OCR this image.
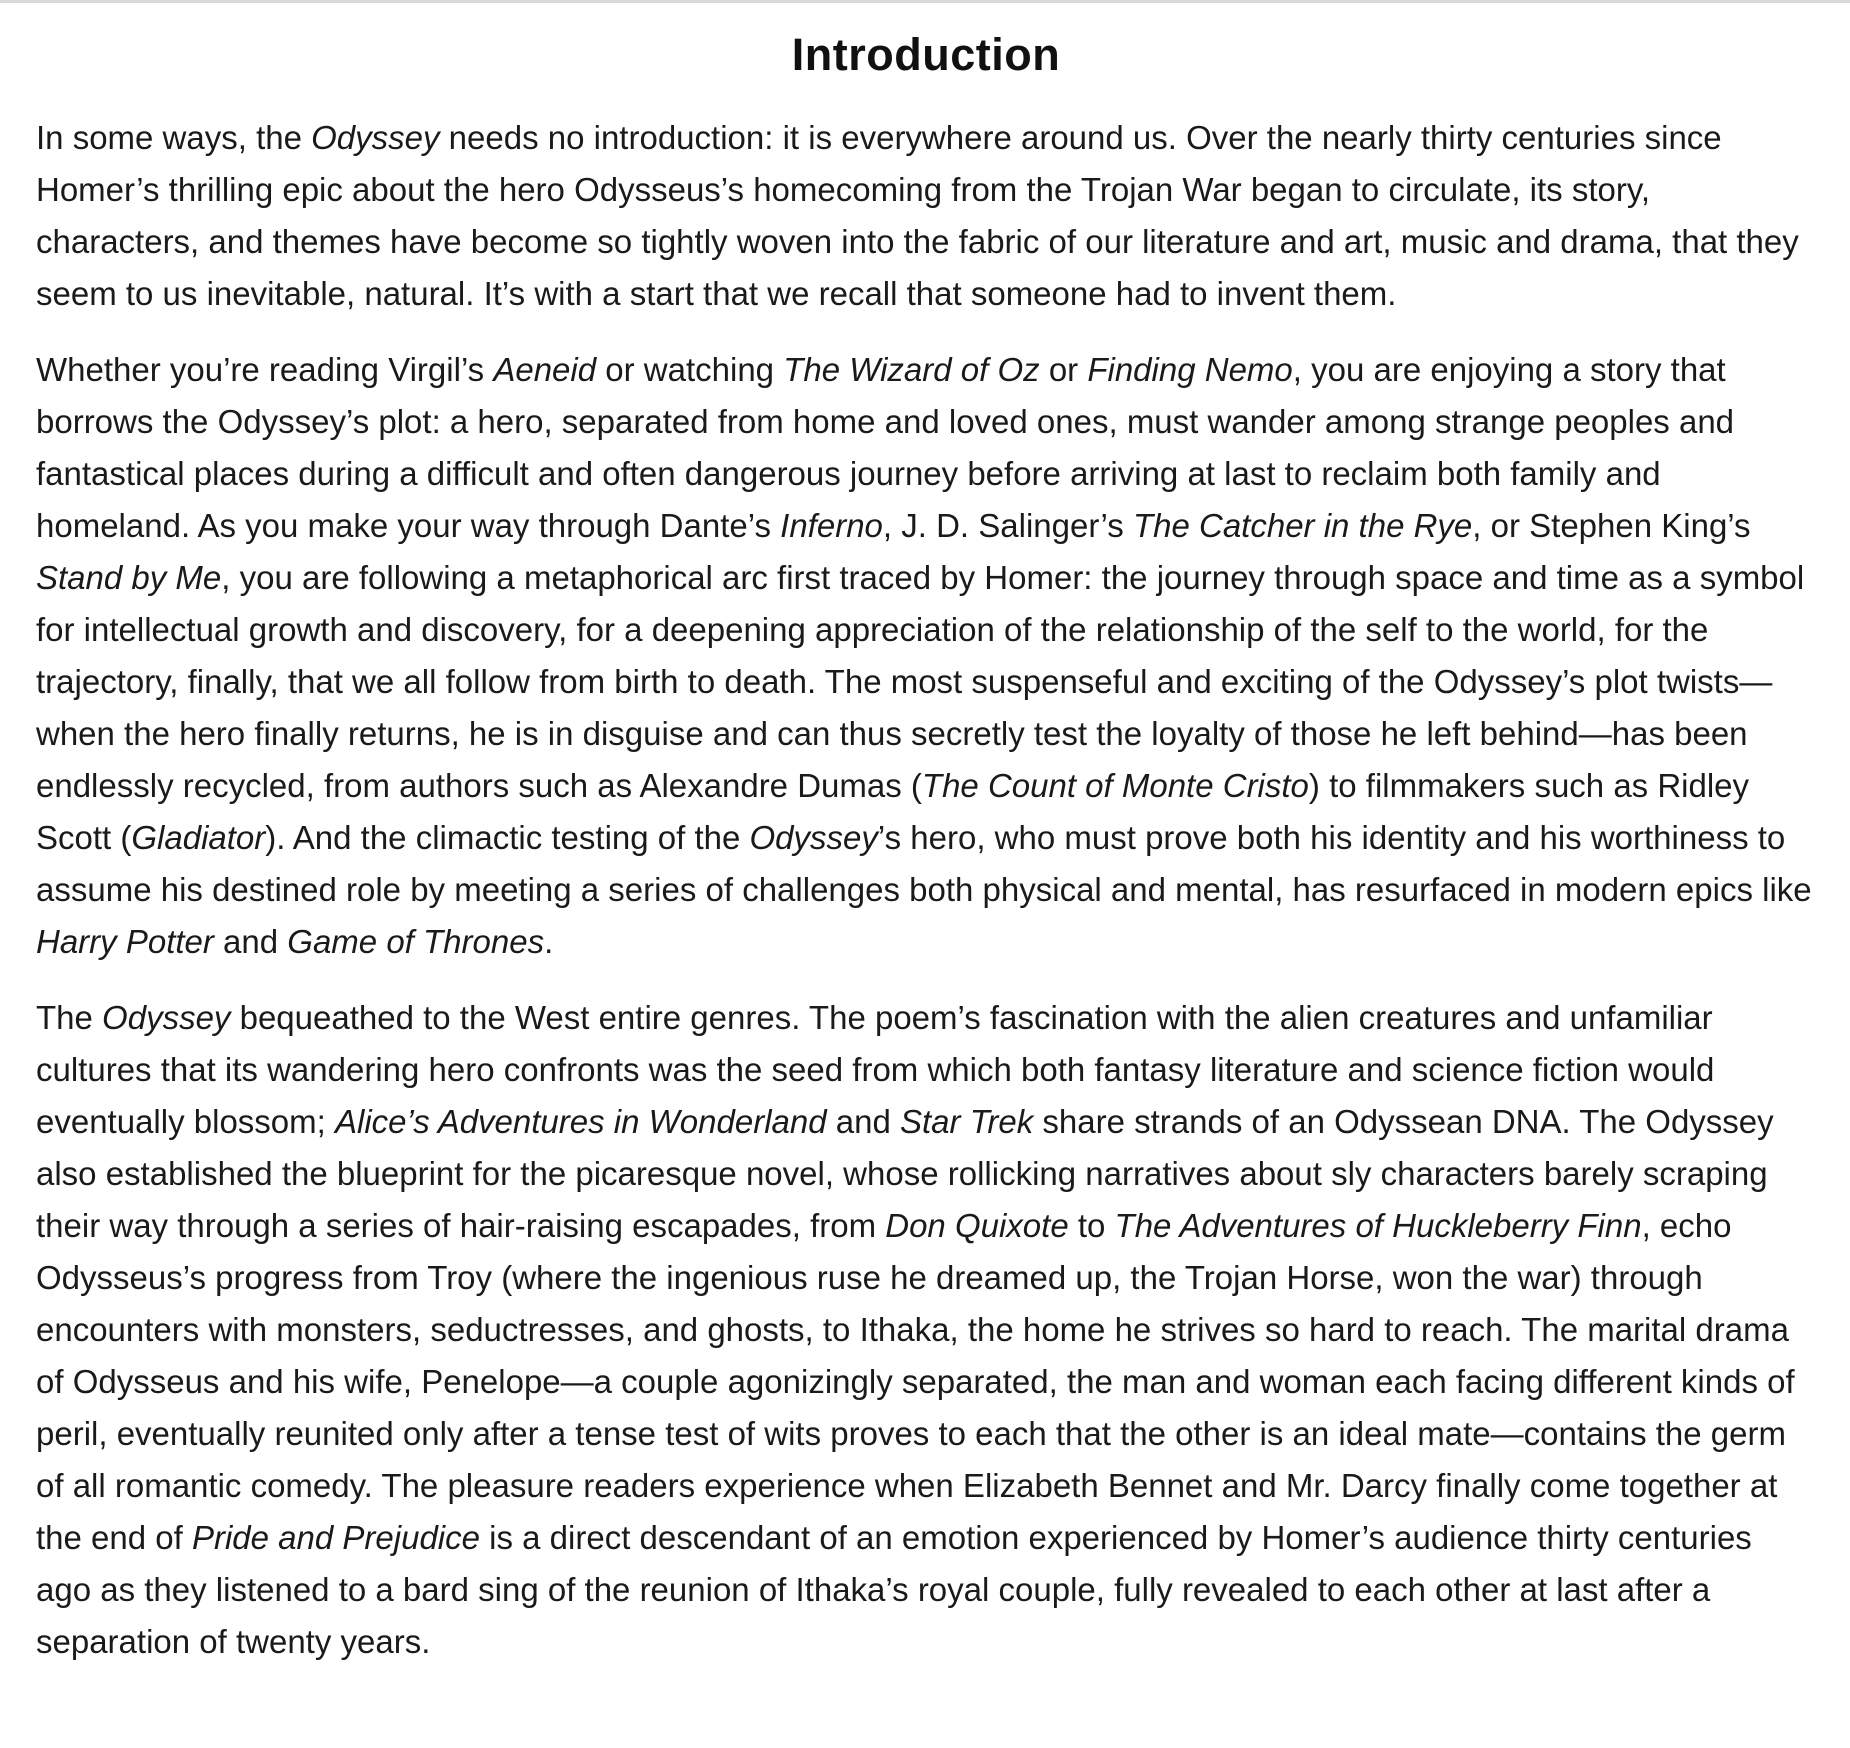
Introduction

In some ways, the Odyssey needs no introduction: it is everywhere around us. Over the nearly thirty centuries since Homer’s thrilling epic about the hero Odysseus’s homecoming from the Trojan War began to circulate, its story, characters, and themes have become so tightly woven into the fabric of our literature and art, music and drama, that they seem to us inevitable, natural. It’s with a start that we recall that someone had to invent them.

Whether you’re reading Virgil’s Aeneid or watching The Wizard of Oz or Finding Nemo, you are enjoying a story that borrows the Odyssey’s plot: a hero, separated from home and loved ones, must wander among strange peoples and fantastical places during a difficult and often dangerous journey before arriving at last to reclaim both family and homeland. As you make your way through Dante’s Inferno, J. D. Salinger’s The Catcher in the Rye, or Stephen King’s Stand by Me, you are following a metaphorical arc first traced by Homer: the journey through space and time as a symbol for intellectual growth and discovery, for a deepening appreciation of the relationship of the self to the world, for the trajectory, finally, that we all follow from birth to death. The most suspenseful and exciting of the Odyssey’s plot twists—when the hero finally returns, he is in disguise and can thus secretly test the loyalty of those he left behind—has been endlessly recycled, from authors such as Alexandre Dumas (The Count of Monte Cristo) to filmmakers such as Ridley Scott (Gladiator). And the climactic testing of the Odyssey’s hero, who must prove both his identity and his worthiness to assume his destined role by meeting a series of challenges both physical and mental, has resurfaced in modern epics like Harry Potter and Game of Thrones.

The Odyssey bequeathed to the West entire genres. The poem’s fascination with the alien creatures and unfamiliar cultures that its wandering hero confronts was the seed from which both fantasy literature and science fiction would eventually blossom; Alice’s Adventures in Wonderland and Star Trek share strands of an Odyssean DNA. The Odyssey also established the blueprint for the picaresque novel, whose rollicking narratives about sly characters barely scraping their way through a series of hair-raising escapades, from Don Quixote to The Adventures of Huckleberry Finn, echo Odysseus’s progress from Troy (where the ingenious ruse he dreamed up, the Trojan Horse, won the war) through encounters with monsters, seductresses, and ghosts, to Ithaka, the home he strives so hard to reach. The marital drama of Odysseus and his wife, Penelope—a couple agonizingly separated, the man and woman each facing different kinds of peril, eventually reunited only after a tense test of wits proves to each that the other is an ideal mate—contains the germ of all romantic comedy. The pleasure readers experience when Elizabeth Bennet and Mr. Darcy finally come together at the end of Pride and Prejudice is a direct descendant of an emotion experienced by Homer’s audience thirty centuries ago as they listened to a bard sing of the reunion of Ithaka’s royal couple, fully revealed to each other at last after a separation of twenty years.
